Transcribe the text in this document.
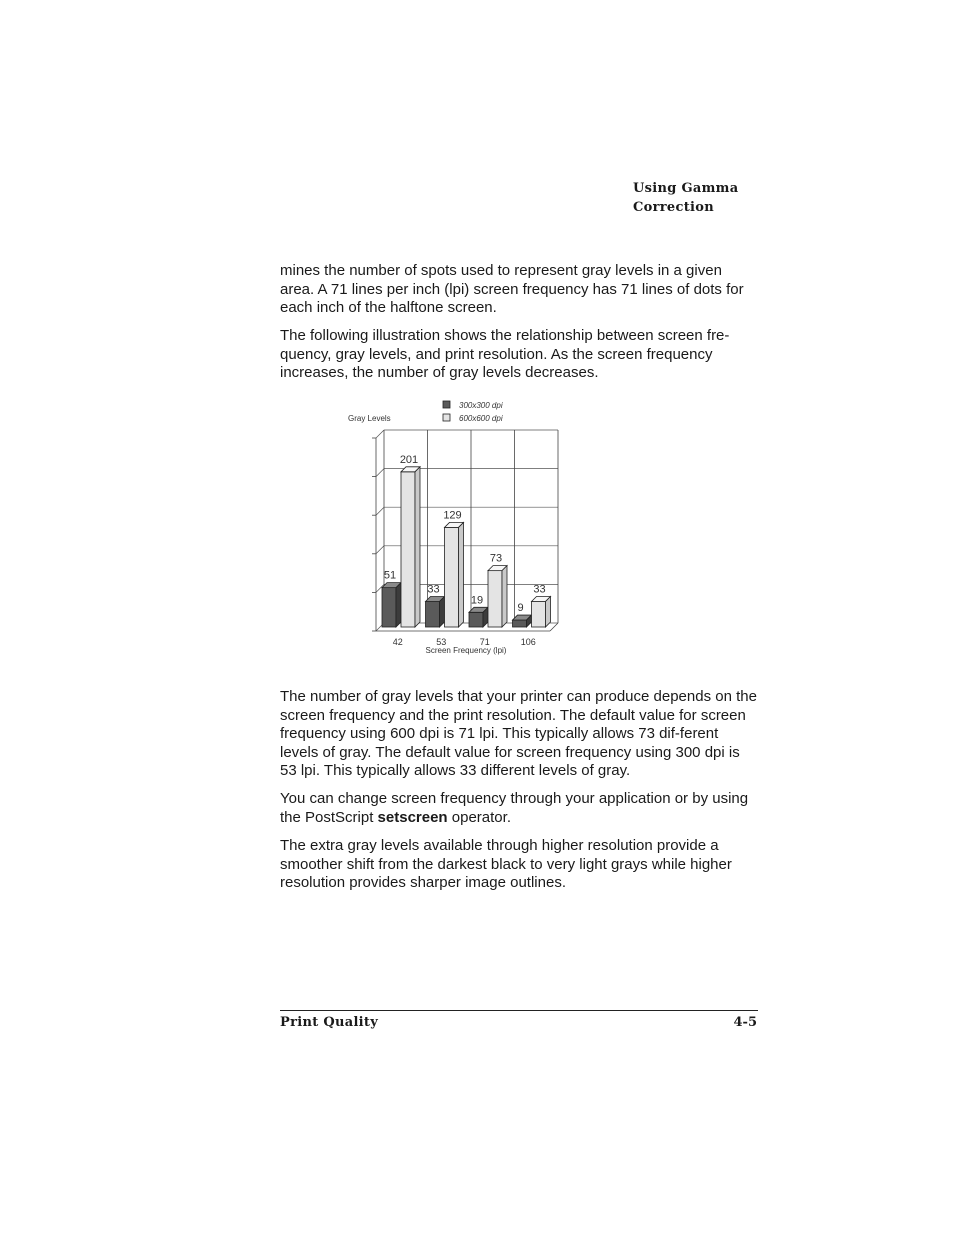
Using Gamma
Correction

mines the number of spots used to represent gray levels in a given area. A 71 lines per inch (lpi) screen frequency has 71 lines of dots for each inch of the halftone screen.

The following illustration shows the relationship between screen fre-quency, gray levels, and print resolution. As the screen frequency increases, the number of gray levels decreases.

51
201
42
33
129
53
19
73
71
9
33
106
Gray Levels
Screen Frequency (lpi)
300x300 dpi
600x600 dpi

The number of gray levels that your printer can produce depends on the screen frequency and the print resolution. The default value for screen frequency using 600 dpi is 71 lpi. This typically allows 73 dif-ferent levels of gray. The default value for screen frequency using 300 dpi is 53 lpi. This typically allows 33 different levels of gray.

You can change screen frequency through your application or by using the PostScript setscreen operator.

The extra gray levels available through higher resolution provide a smoother shift from the darkest black to very light grays while higher resolution provides sharper image outlines.

Print Quality	4-5
